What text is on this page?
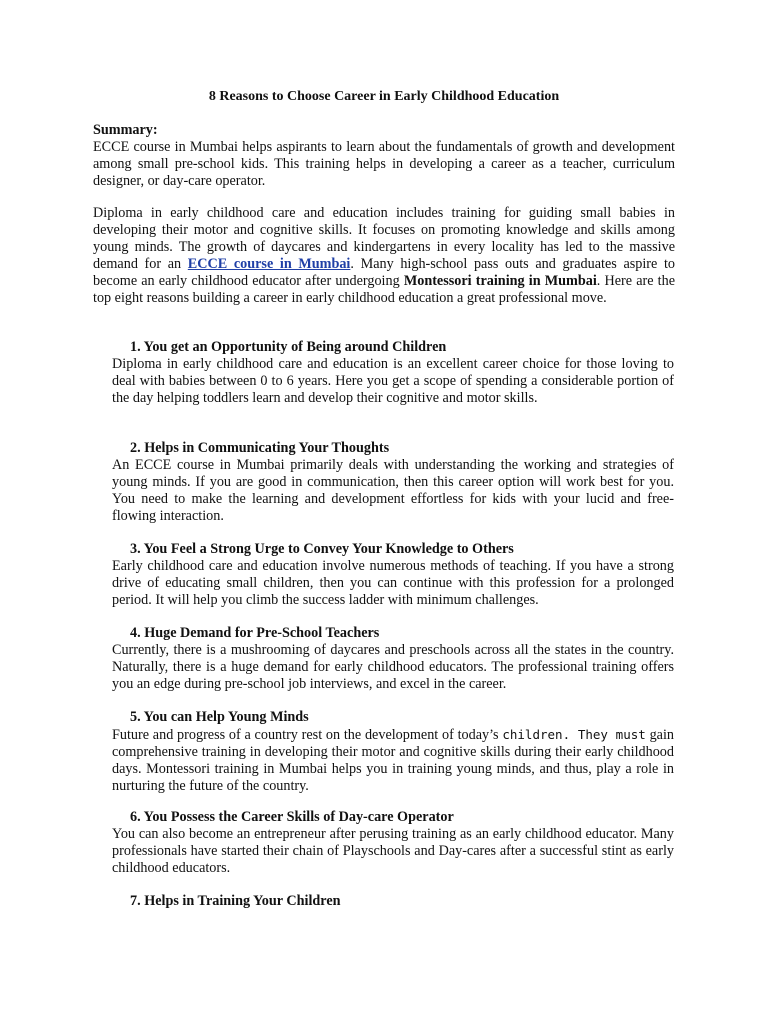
8 Reasons to Choose Career in Early Childhood Education

Summary:
ECCE course in Mumbai helps aspirants to learn about the fundamentals of growth and development among small pre-school kids. This training helps in developing a career as a teacher, curriculum designer, or day-care operator.

Diploma in early childhood care and education includes training for guiding small babies in developing their motor and cognitive skills. It focuses on promoting knowledge and skills among young minds. The growth of daycares and kindergartens in every locality has led to the massive demand for an ECCE course in Mumbai. Many high-school pass outs and graduates aspire to become an early childhood educator after undergoing Montessori training in Mumbai. Here are the top eight reasons building a career in early childhood education a great professional move.

1. You get an Opportunity of Being around Children

Diploma in early childhood care and education is an excellent career choice for those loving to deal with babies between 0 to 6 years. Here you get a scope of spending a considerable portion of the day helping toddlers learn and develop their cognitive and motor skills.

2. Helps in Communicating Your Thoughts

An ECCE course in Mumbai primarily deals with understanding the working and strategies of young minds. If you are good in communication, then this career option will work best for you. You need to make the learning and development effortless for kids with your lucid and free-flowing interaction.

3. You Feel a Strong Urge to Convey Your Knowledge to Others

Early childhood care and education involve numerous methods of teaching. If you have a strong drive of educating small children, then you can continue with this profession for a prolonged period. It will help you climb the success ladder with minimum challenges.

4. Huge Demand for Pre-School Teachers

Currently, there is a mushrooming of daycares and preschools across all the states in the country. Naturally, there is a huge demand for early childhood educators. The professional training offers you an edge during pre-school job interviews, and excel in the career.

5. You can Help Young Minds

Future and progress of a country rest on the development of today’s children. They must gain comprehensive training in developing their motor and cognitive skills during their early childhood days. Montessori training in Mumbai helps you in training young minds, and thus, play a role in nurturing the future of the country.

6. You Possess the Career Skills of Day-care Operator

You can also become an entrepreneur after perusing training as an early childhood educator. Many professionals have started their chain of Playschools and Day-cares after a successful stint as early childhood educators.

7. Helps in Training Your Children
